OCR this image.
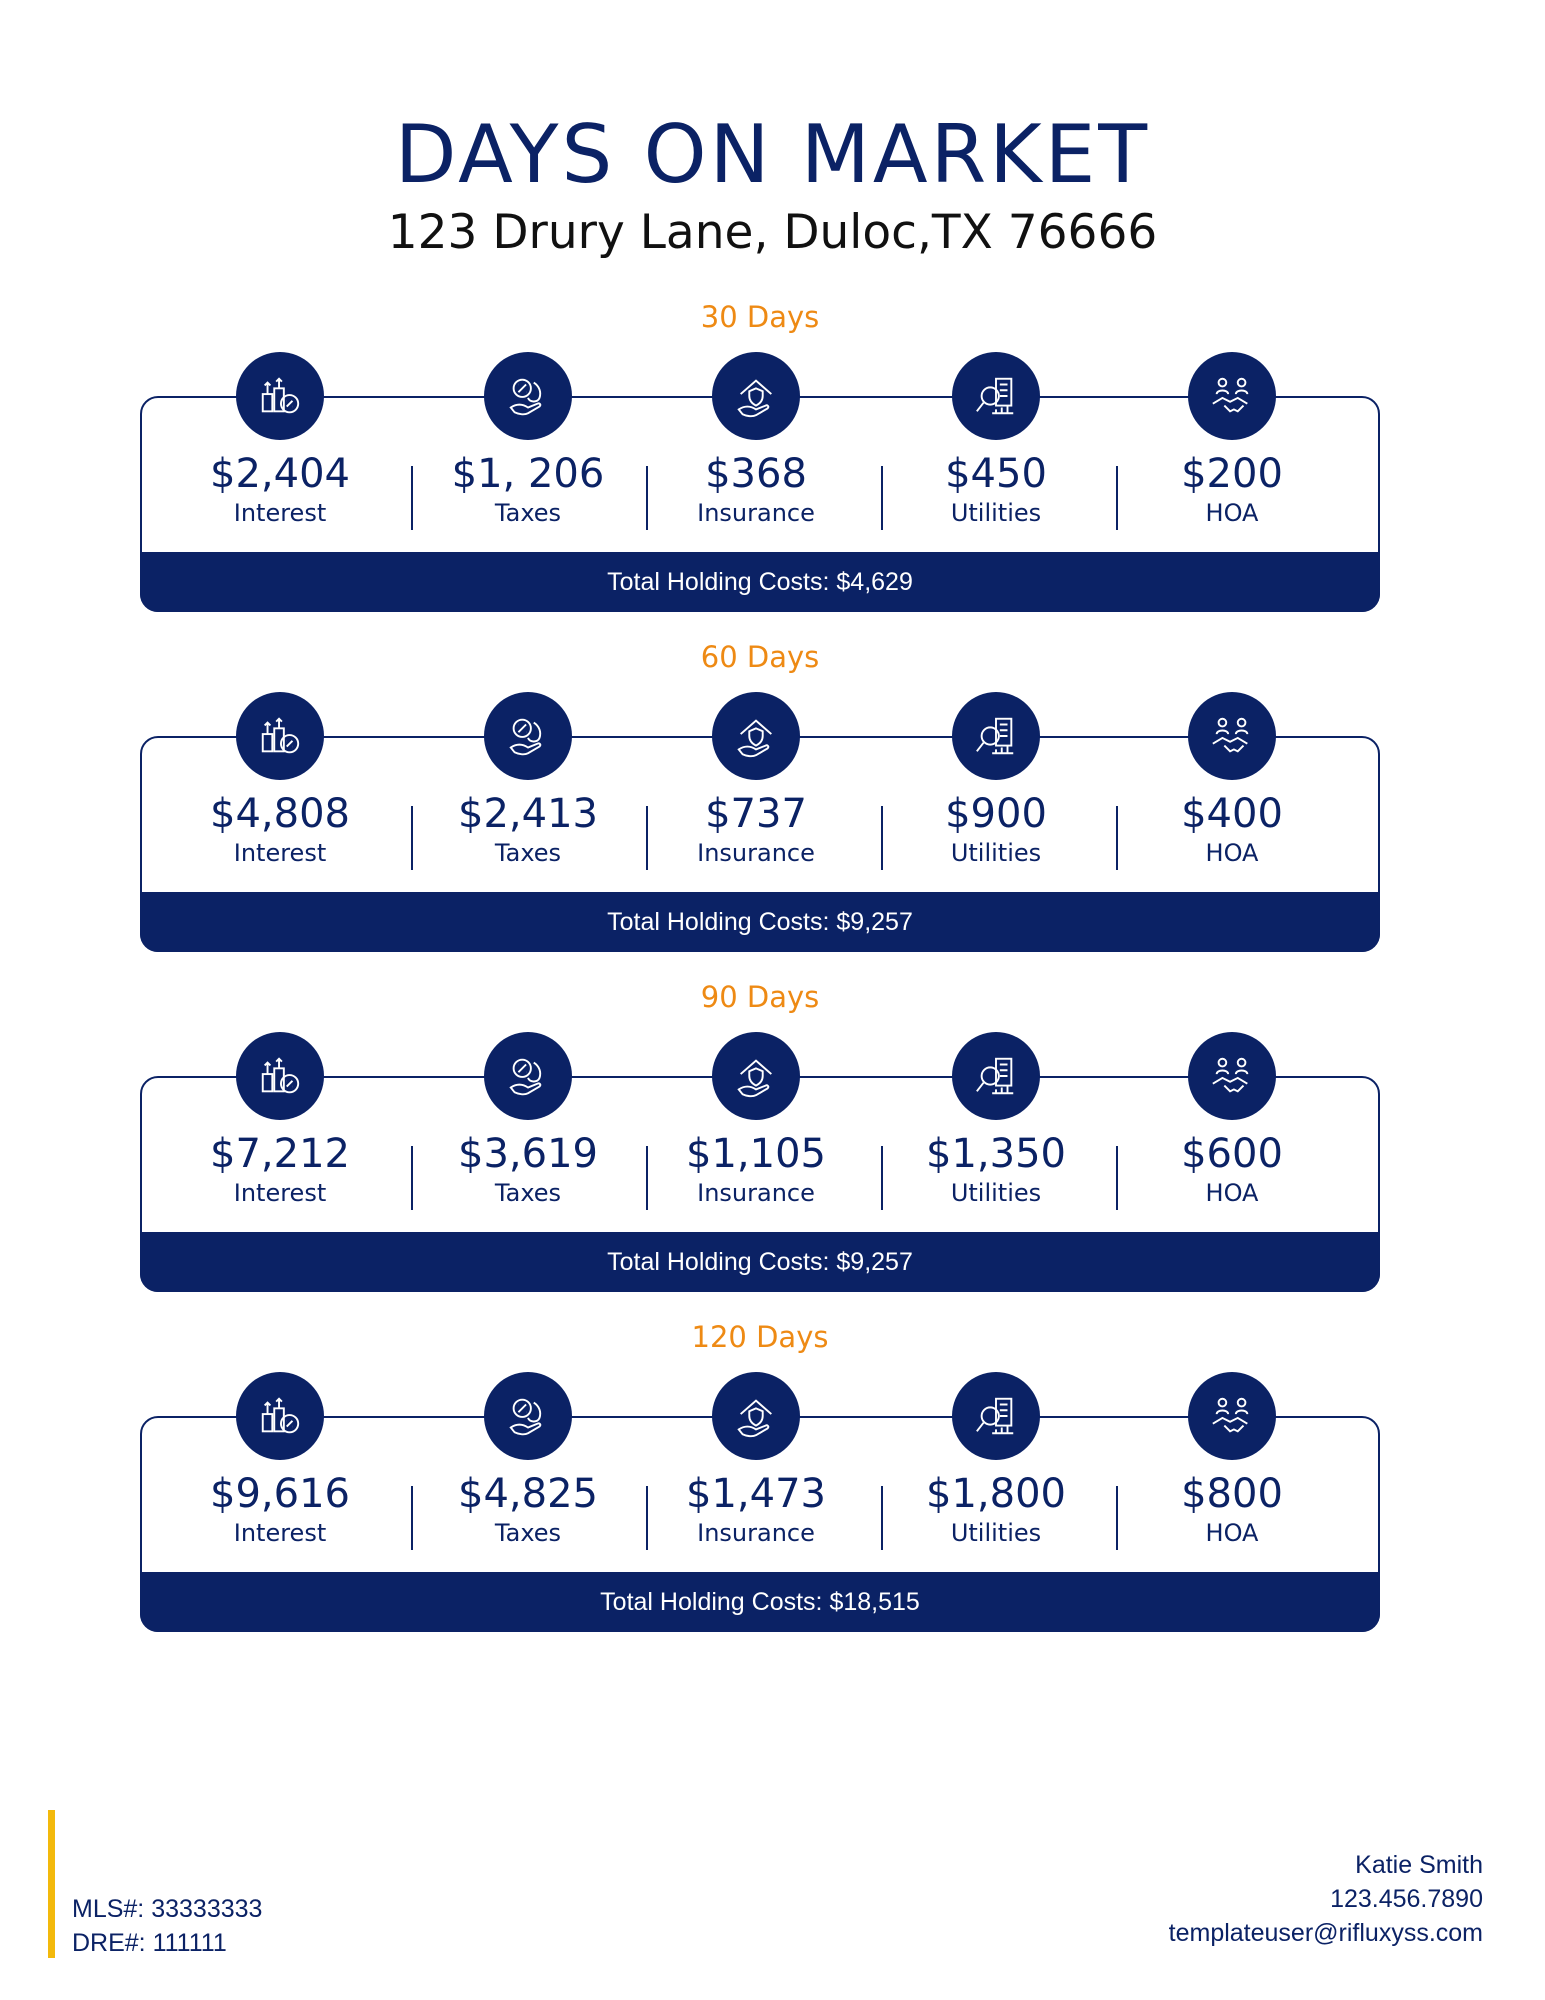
DAYS ON MARKET
123 Drury Lane, Duloc,TX 76666
30 Days
Total Holding Costs: $4,629
$2,404
Interest
$1, 206
Taxes
$368
Insurance
$450
Utilities
$200
HOA
60 Days
Total Holding Costs: $9,257
$4,808
Interest
$2,413
Taxes
$737
Insurance
$900
Utilities
$400
HOA
90 Days
Total Holding Costs: $9,257
$7,212
Interest
$3,619
Taxes
$1,105
Insurance
$1,350
Utilities
$600
HOA
120 Days
Total Holding Costs: $18,515
$9,616
Interest
$4,825
Taxes
$1,473
Insurance
$1,800
Utilities
$800
HOA
MLS#: 33333333
DRE#: 111111
Katie Smith
123.456.7890
templateuser@rifluxyss.com
